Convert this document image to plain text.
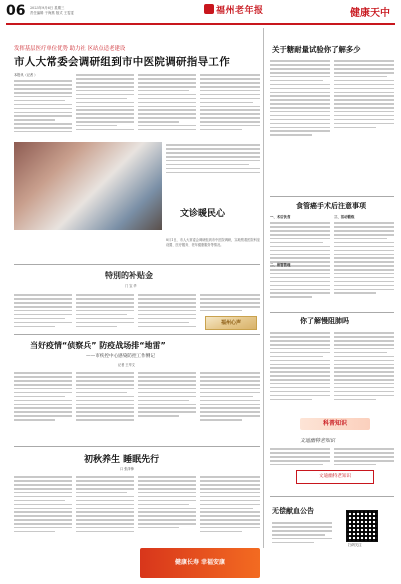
06 2023年9月6日 星期三
责任编辑 于海燕 版式 王雯雯	福州老年报	健康天中
发挥基层医疗单位优势 助力社 区站点适老建设
市人大常委会调研组到市中医院调研指导工作
本报讯（记者 ）
文诊暖民心
8月1日，市人大常委会调研组到市中医院调研，实地察看医院科室设置、医疗服务、老年健康服务等情况。
特別的补贴金
门 宝 华
福州心声
当好疫情“侦察兵” 防疫战场排“地雷”
——市疾控中心感染防控工作侧记
记者 王华文
初秋养生 睡眠先行
口 张泽锋
关于糖耐量试验你了解多少
食管癌手术后注意事项
一、术后饮食
二、胃管管理
三、活动锻炼
你了解慢阻肺吗
科普知识
文迪幽特老知识
文迪幽特老知识
无偿献血公告
扫码关注
健康长寿 幸福安康
